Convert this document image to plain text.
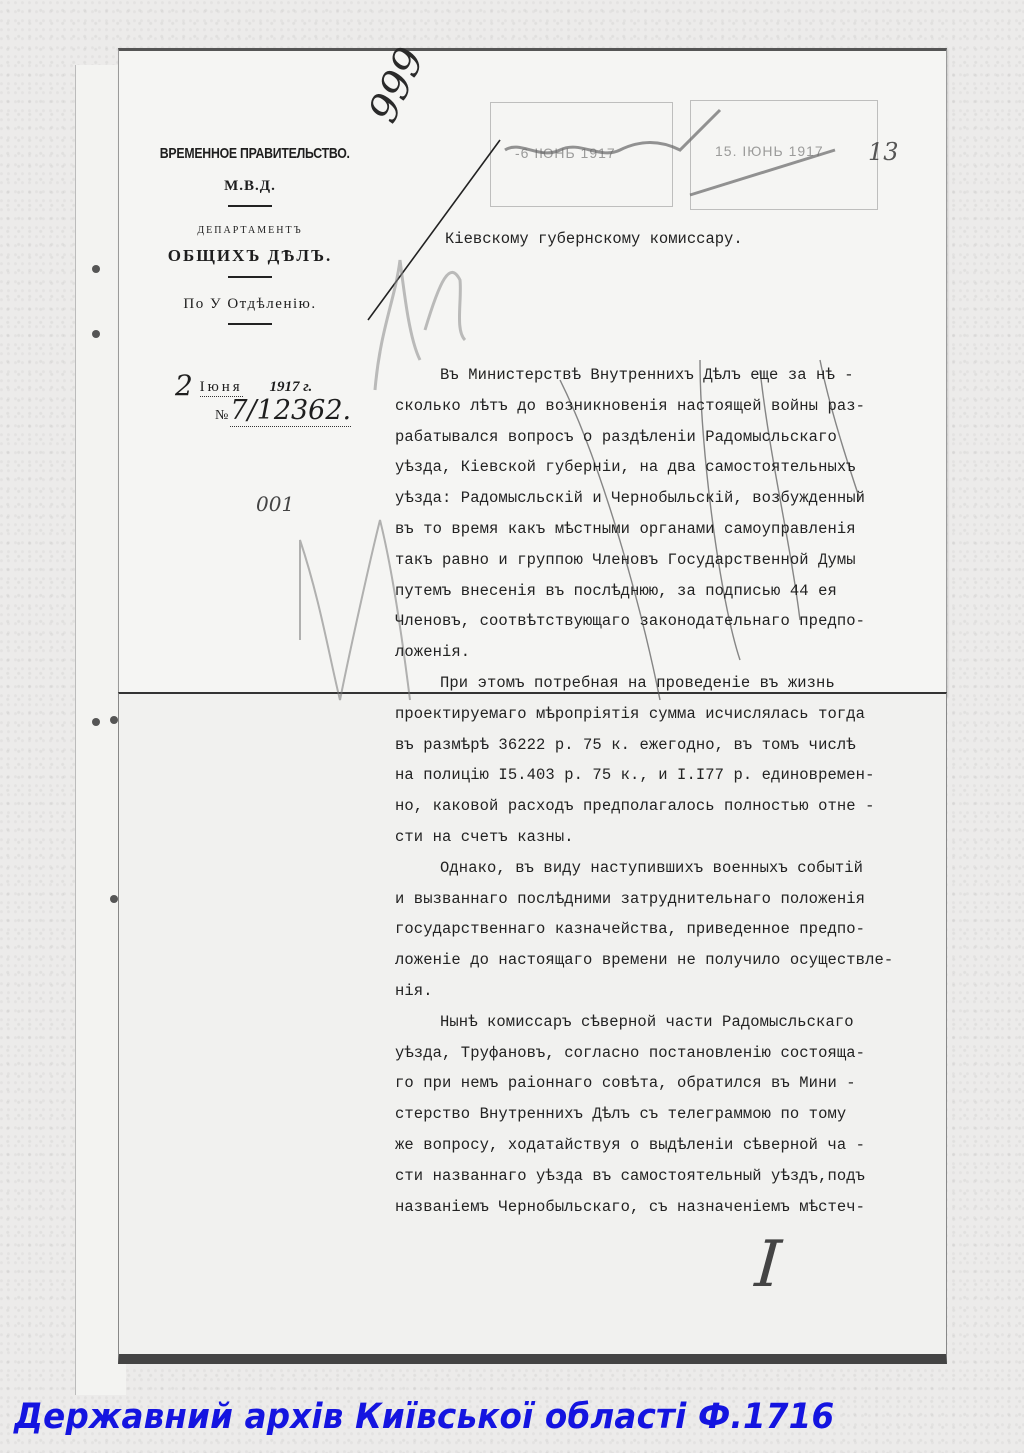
-6 ІЮНЬ 1917	15. ІЮНЬ 1917
ВРЕМЕННОЕ ПРАВИТЕЛЬСТВО.
М.В.Д.
ДЕПАРТАМЕНТЪ
ОБЩИХЪ ДѢЛЪ.
По У Отдѣленію.
2 Іюня 1917 г.
№7/12362.
999
13
001
I
Кіевскому губернскому комиссару.
Въ Министерствѣ Внутреннихъ Дѣлъ еще за нѣ -
сколько лѣтъ до возникновенія настоящей войны раз-
рабатывался вопросъ о раздѣленіи Радомысльскаго
уѣзда, Кіевской губерніи, на два самостоятельныхъ
уѣзда: Радомысльскій и Чернобыльскій, возбужденный
въ то время какъ мѣстными органами самоуправленія
такъ равно и группою Членовъ Государственной Думы
путемъ внесенія въ послѣднюю, за подписью 44 ея
Членовъ, соотвѣтствующаго законодательнаго предпо-
ложенія.
При этомъ потребная на проведеніе въ жизнь
проектируемаго мѣропріятія сумма исчислялась тогда
въ размѣрѣ 36222 р. 75 к. ежегодно, въ томъ числѣ
на полицію I5.403 р. 75 к., и I.I77 р. единовремен-
но, каковой расходъ предполагалось полностью отне -
сти на счетъ казны.
Однако, въ виду наступившихъ военныхъ событій
и вызваннаго послѣдними затруднительнаго положенія
государственнаго казначейства, приведенное предпо-
ложеніе до настоящаго времени не получило осуществле-
нія.
Нынѣ комиссаръ сѣверной части Радомысльскаго
уѣзда, Труфановъ, согласно постановленію состояща-
го при немъ раіоннаго совѣта, обратился въ Мини -
стерство Внутреннихъ Дѣлъ съ телеграммою по тому
же вопросу, ходатайствуя о выдѣленіи сѣверной ча -
сти названнаго уѣзда въ самостоятельный уѣздъ,подъ
названіемъ Чернобыльскаго, съ назначеніемъ мѣстеч-
Державний архів Київської області Ф.1716
